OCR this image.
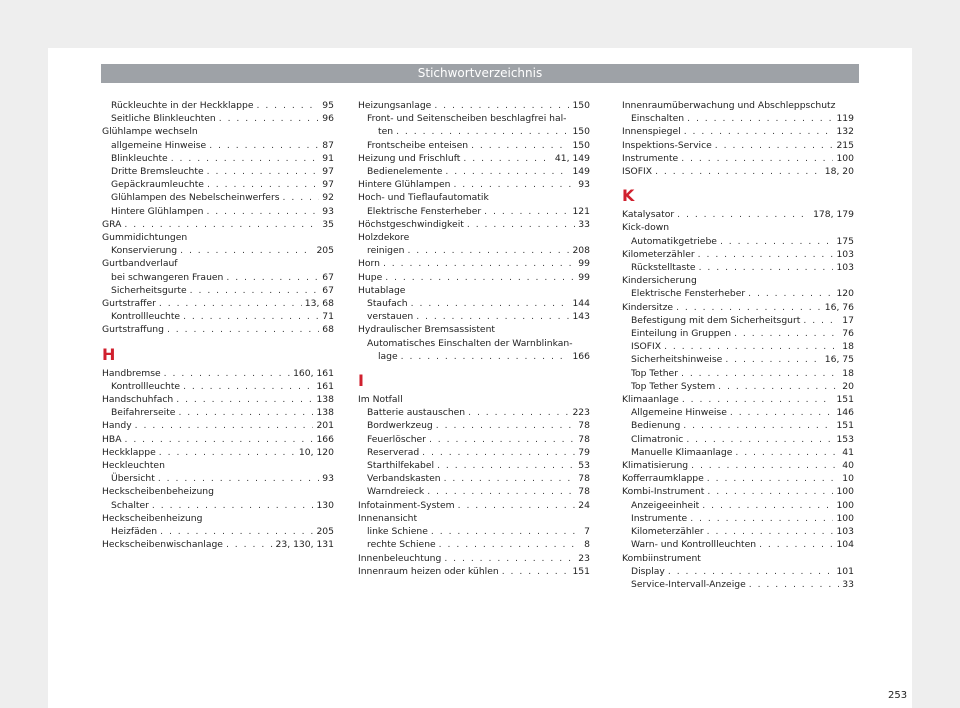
Stichwortverzeichnis
Rückleuchte in der Heckklappe . . .	95
Seitliche Blinkleuchten . . .	96
Glühlampe wechseln
allgemeine Hinweise . . .	87
Blinkleuchte . . .	91
Dritte Bremsleuchte . . .	97
Gepäckraumleuchte . . .	97
Glühlampen des Nebelscheinwerfers . . .	92
Hintere Glühlampen . . .	93
GRA . . .	35
Gummidichtungen
Konservierung . . .	205
Gurtbandverlauf
bei schwangeren Frauen . . .	67
Sicherheitsgurte . . .	67
Gurtstraffer . . .	13, 68
Kontrollleuchte . . .	71
Gurtstraffung . . .	68
H
Handbremse . . .	160, 161
Kontrollleuchte . . .	161
Handschuhfach . . .	138
Beifahrerseite . . .	138
Handy . . .	201
HBA . . .	166
Heckklappe . . .	10, 120
Heckleuchten
Übersicht . . .	93
Heckscheibenbeheizung
Schalter . . .	130
Heckscheibenheizung
Heizfäden . . .	205
Heckscheibenwischanlage . . .	23, 130, 131
Heizungsanlage . . .	150
Front- und Seitenscheiben beschlagfrei hal-
ten . . .	150
Frontscheibe enteisen . . .	150
Heizung und Frischluft . . .	41, 149
Bedienelemente . . .	149
Hintere Glühlampen . . .	93
Hoch- und Tieflaufautomatik
Elektrische Fensterheber . . .	121
Höchstgeschwindigkeit . . .	33
Holzdekore
reinigen . . .	208
Horn . . .	99
Hupe . . .	99
Hutablage
Staufach . . .	144
verstauen . . .	143
Hydraulischer Bremsassistent
Automatisches Einschalten der Warnblinkan-
lage . . .	166
I
Im Notfall
Batterie austauschen . . .	223
Bordwerkzeug . . .	78
Feuerlöscher . . .	78
Reserverad . . .	79
Starthilfekabel . . .	53
Verbandskasten . . .	78
Warndreieck . . .	78
Infotainment-System . . .	24
Innenansicht
linke Schiene . . .	7
rechte Schiene . . .	8
Innenbeleuchtung . . .	23
Innenraum heizen oder kühlen . . .	151
Innenraumüberwachung und Abschleppschutz
Einschalten . . .	119
Innenspiegel . . .	132
Inspektions-Service . . .	215
Instrumente . . .	100
ISOFIX . . .	18, 20
K
Katalysator . . .	178, 179
Kick-down
Automatikgetriebe . . .	175
Kilometerzähler . . .	103
Rückstelltaste . . .	103
Kindersicherung
Elektrische Fensterheber . . .	120
Kindersitze . . .	16, 76
Befestigung mit dem Sicherheitsgurt . . .	17
Einteilung in Gruppen . . .	76
ISOFIX . . .	18
Sicherheitshinweise . . .	16, 75
Top Tether . . .	18
Top Tether System . . .	20
Klimaanlage . . .	151
Allgemeine Hinweise . . .	146
Bedienung . . .	151
Climatronic . . .	153
Manuelle Klimaanlage . . .	41
Klimatisierung . . .	40
Kofferraumklappe . . .	10
Kombi-Instrument . . .	100
Anzeigeeinheit . . .	100
Instrumente . . .	100
Kilometerzähler . . .	103
Warn- und Kontrollleuchten . . .	104
Kombiinstrument
Display . . .	101
Service-Intervall-Anzeige . . .	33
253
